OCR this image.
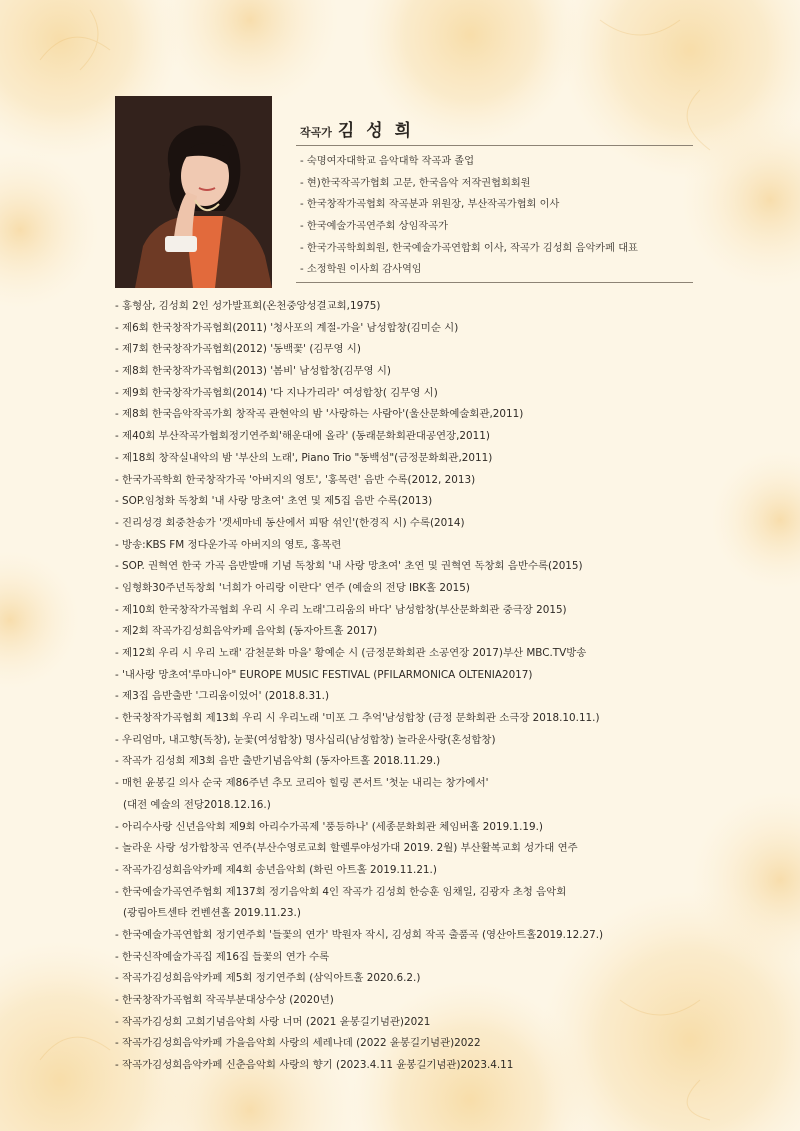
작곡가 김 성 희
- 숙명여자대학교 음악대학 작곡과 졸업
- 현)한국작곡가협회 고문, 한국음악 저작권협회회원
- 한국창작가곡협회 작곡분과 위원장, 부산작곡가협회 이사
- 한국예술가곡연주회 상임작곡가
- 한국가곡학회회원, 한국예술가곡연합회 이사, 작곡가 김성희 음악카페 대표
- 소정학원 이사회 감사역임
- 홍형삼, 김성희 2인 성가발표회(온천중앙성결교회,1975)
- 제6회 한국창작가곡협회(2011) '청사포의 계절-가을' 남성합창(김미순 시)
- 제7회 한국창작가곡협회(2012) '동백꽃' (김무영 시)
- 제8회 한국창작가곡협회(2013) '봄비' 남성합창(김무영 시)
- 제9회 한국창작가곡협회(2014) '다 지나가리라' 여성합창( 김무영 시)
- 제8회 한국음악작곡가회 창작곡 관현악의 밤 '사랑하는 사람아'(울산문화예술회관,2011)
- 제40회 부산작곡가협회정기연주회'해운대에 올라' (동래문화회관대공연장,2011)
- 제18회 창작실내악의 밤 '부산의 노래', Piano Trio "동백섬"(금정문화회관,2011)
- 한국가곡학회 한국창작가곡 '아버지의 영토', '홍목련' 음반 수록(2012, 2013)
- SOP.임청화 독창회 '내 사랑 망초여' 초연 및 제5집 음반 수록(2013)
- 진리성경 회중찬송가 '겟세마네 동산에서 피땀 섞인'(한경직 시) 수록(2014)
- 방송:KBS FM 정다운가곡 아버지의 영토, 홍목련
- SOP. 권혁연 한국 가곡 음반발매 기념 독창회 '내 사랑 망초여' 초연 및 권혁연 독창회 음반수록(2015)
- 임형화30주년독창회 '너희가 아리랑 이란다' 연주 (예술의 전당 IBK홀 2015)
- 제10회 한국창작가곡협회 우리 시 우리 노래'그리움의 바다' 남성합창(부산문화회관 중극장 2015)
- 제2회 작곡가김성희음악카페 음악회 (동자아트홀 2017)
- 제12회 우리 시 우리 노래' 감천문화 마을' 황예순 시 (금정문화회관 소공연장 2017)부산 MBC.TV방송
- '내사랑 망초여'루마니아" EUROPE MUSIC FESTIVAL (PFILARMONICA OLTENIA2017)
- 제3집 음반출반 '그리움이었어' (2018.8.31.)
- 한국창작가곡협회 제13회 우리 시 우리노래 '미포 그 추억'남성합창 (금정 문화회관 소극장 2018.10.11.)
- 우리엄마, 내고향(독창), 눈꽃(여성합창) 명사십리(남성합창) 놀라운사랑(혼성합창)
- 작곡가 김성희 제3회 음반 출반기념음악회 (동자아트홀 2018.11.29.)
- 매헌 윤봉길 의사 순국 제86주년 추모 코리아 힐링 콘서트 '첫눈 내리는 창가에서'
(대전 예술의 전당2018.12.16.)
- 아리수사랑 신년음악회 제9회 아리수가곡제 '풍등하나' (세종문화회관 체임버홀 2019.1.19.)
- 놀라운 사랑 성가합창곡 연주(부산수영로교회 할렐루야성가대 2019. 2월) 부산활복교회 성가대 연주
- 작곡가김성희음악카페 제4회 송년음악회 (화린 아트홀 2019.11.21.)
- 한국예술가곡연주협회 제137회 정기음악회 4인 작곡가 김성희 한승훈 임채일, 김광자 초청 음악회
(광림아트센타 컨벤션홀 2019.11.23.)
- 한국예술가곡연합회 정기연주회 '들꽃의 연가' 박원자 작시, 김성희 작곡 출품곡 (영산아트홀2019.12.27.)
- 한국신작예술가곡집 제16집 들꽃의 연가 수록
- 작곡가김성희음악카페 제5회 정기연주회 (삼익아트홀 2020.6.2.)
- 한국창작가곡협회 작곡부분대상수상 (2020년)
- 작곡가김성희 고희기념음악회 사랑 너머 (2021 윤봉길기념관)2021
- 작곡가김성희음악카페 가을음악회 사랑의 세레나데 (2022 윤봉길기념관)2022
- 작곡가김성희음악카페 신춘음악회 사랑의 향기 (2023.4.11 윤봉길기념관)2023.4.11
